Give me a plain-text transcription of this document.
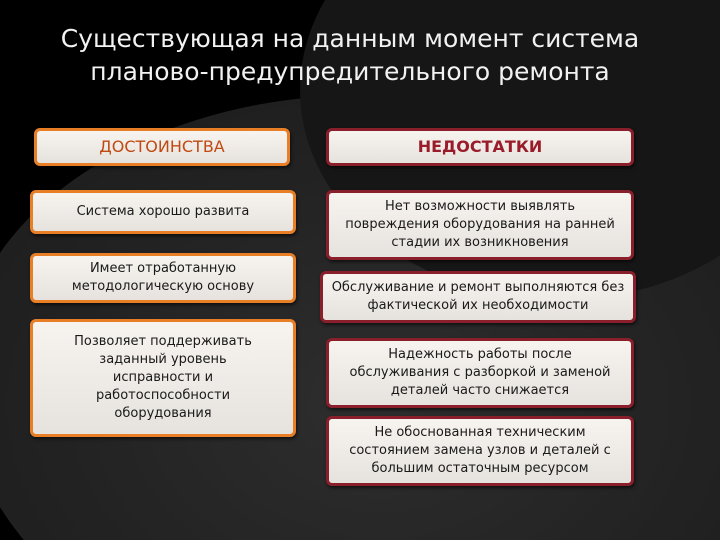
Существующая на данным момент система
планово-предупредительного ремонта
ДОСТОИНСТВА
Система хорошо развита
Имеет отработанную методологическую основу
Позволяет поддерживать заданный уровень исправности и работоспособности оборудования
НЕДОСТАТКИ
Нет возможности выявлять повреждения оборудования на ранней стадии их возникновения
Обслуживание и ремонт выполняются без фактической их необходимости
Надежность работы после обслуживания с разборкой и заменой деталей часто снижается
Не обоснованная техническим состоянием замена узлов и деталей с большим остаточным ресурсом
